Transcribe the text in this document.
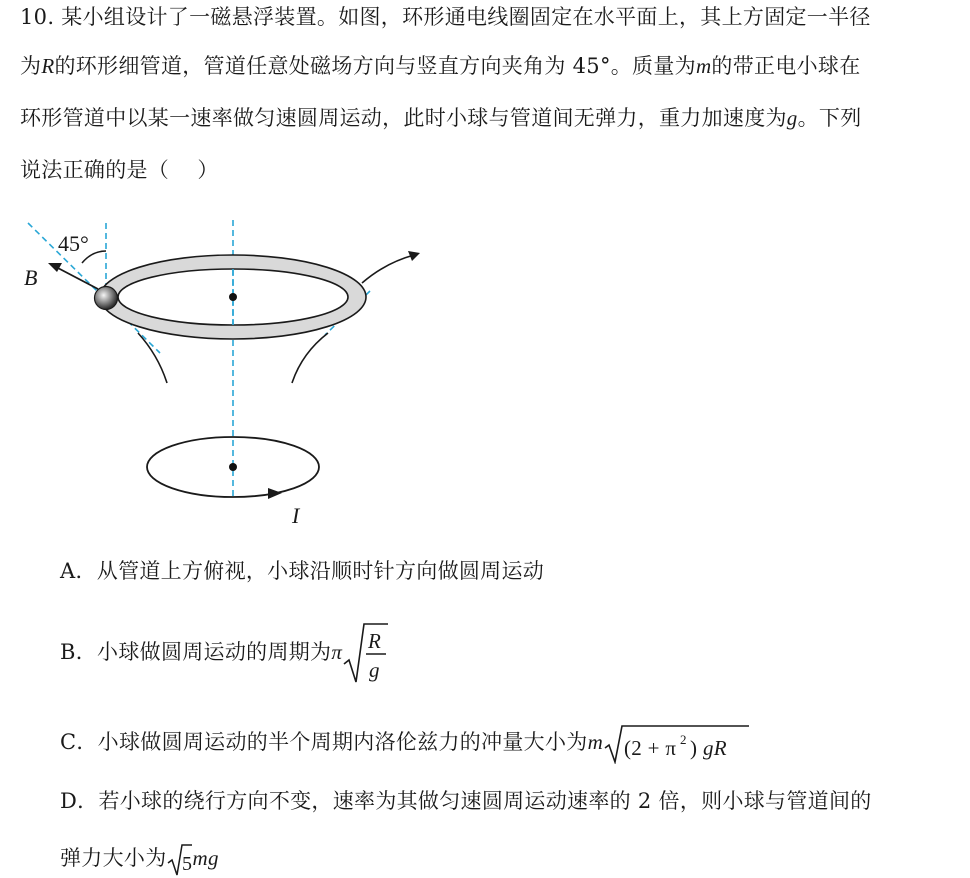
10. 某小组设计了一磁悬浮装置。如图，环形通电线圈固定在水平面上，其上方固定一半径
为R的环形细管道，管道任意处磁场方向与竖直方向夹角为 45°。质量为m的带正电小球在
环形管道中以某一速率做匀速圆周运动，此时小球与管道间无弹力，重力加速度为g。下列
说法正确的是（　 ）
45°
B
I
A．从管道上方俯视，小球沿顺时针方向做圆周运动
B．小球做圆周运动的周期为π R
g
C．小球做圆周运动的半个周期内洛伦兹力的冲量大小为m (2 + π 2 ) gR
D．若小球的绕行方向不变，速率为其做匀速圆周运动速率的 2 倍，则小球与管道间的
弹力大小为 5 mg
